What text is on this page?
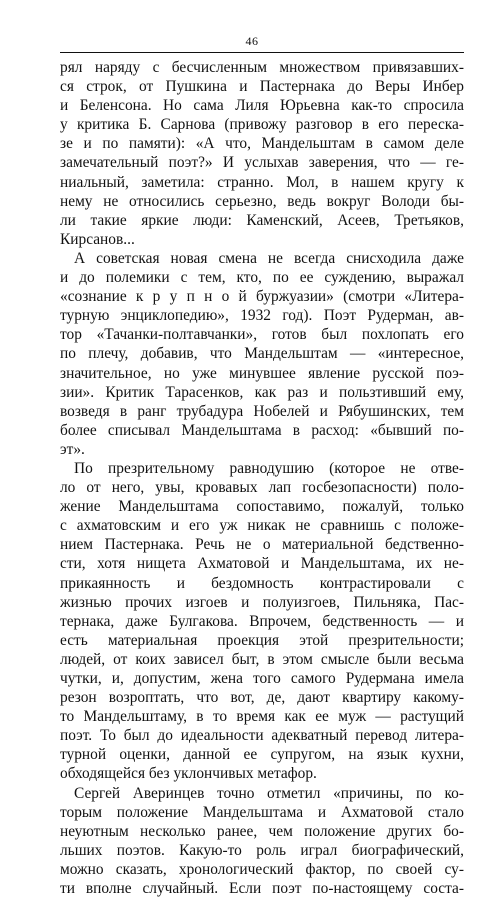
46
рял наряду с бесчисленным множеством привязавших-
ся строк, от Пушкина и Пастернака до Веры Инбер
и Беленсона. Но сама Лиля Юрьевна как-то спросила
у критика Б. Сарнова (привожу разговор в его переска-
зе и по памяти): «А что, Мандельштам в самом деле
замечательный поэт?» И услыхав заверения, что — ге-
ниальный, заметила: странно. Мол, в нашем кругу к
нему не относились серьезно, ведь вокруг Володи бы-
ли такие яркие люди: Каменский, Асеев, Третьяков,
Кирсанов...
А советская новая смена не всегда снисходила даже
и до полемики с тем, кто, по ее суждению, выражал
«сознание к р у п н о й буржуазии» (смотри «Литера-
турную энциклопедию», 1932 год). Поэт Рудерман, ав-
тор «Тачанки-полтавчанки», готов был похлопать его
по плечу, добавив, что Мандельштам — «интересное,
значительное, но уже минувшее явление русской поэ-
зии». Критик Тарасенков, как раз и пользтивший ему,
возведя в ранг трубадура Нобелей и Рябушинских, тем
более списывал Мандельштама в расход: «бывший по-
эт».
По презрительному равнодушию (которое не отве-
ло от него, увы, кровавых лап госбезопасности) поло-
жение Мандельштама сопоставимо, пожалуй, только
с ахматовским и его уж никак не сравнишь с положе-
нием Пастернака. Речь не о материальной бедственно-
сти, хотя нищета Ахматовой и Мандельштама, их не-
прикаянность и бездомность контрастировали с
жизнью прочих изгоев и полуизгоев, Пильняка, Пас-
тернака, даже Булгакова. Впрочем, бедственность — и
есть материальная проекция этой презрительности;
людей, от коих зависел быт, в этом смысле были весьма
чутки, и, допустим, жена того самого Рудермана имела
резон возроптать, что вот, де, дают квартиру какому-
то Мандельштаму, в то время как ее муж — растущий
поэт. То был до идеальности адекватный перевод литера-
турной оценки, данной ее супругом, на язык кухни,
обходящейся без уклончивых метафор.
Сергей Аверинцев точно отметил «причины, по ко-
торым положение Мандельштама и Ахматовой стало
неуютным несколько ранее, чем положение других бо-
льших поэтов. Какую-то роль играл биографический,
можно сказать, хронологический фактор, по своей су-
ти вполне случайный. Если поэт по-настоящему соста-
